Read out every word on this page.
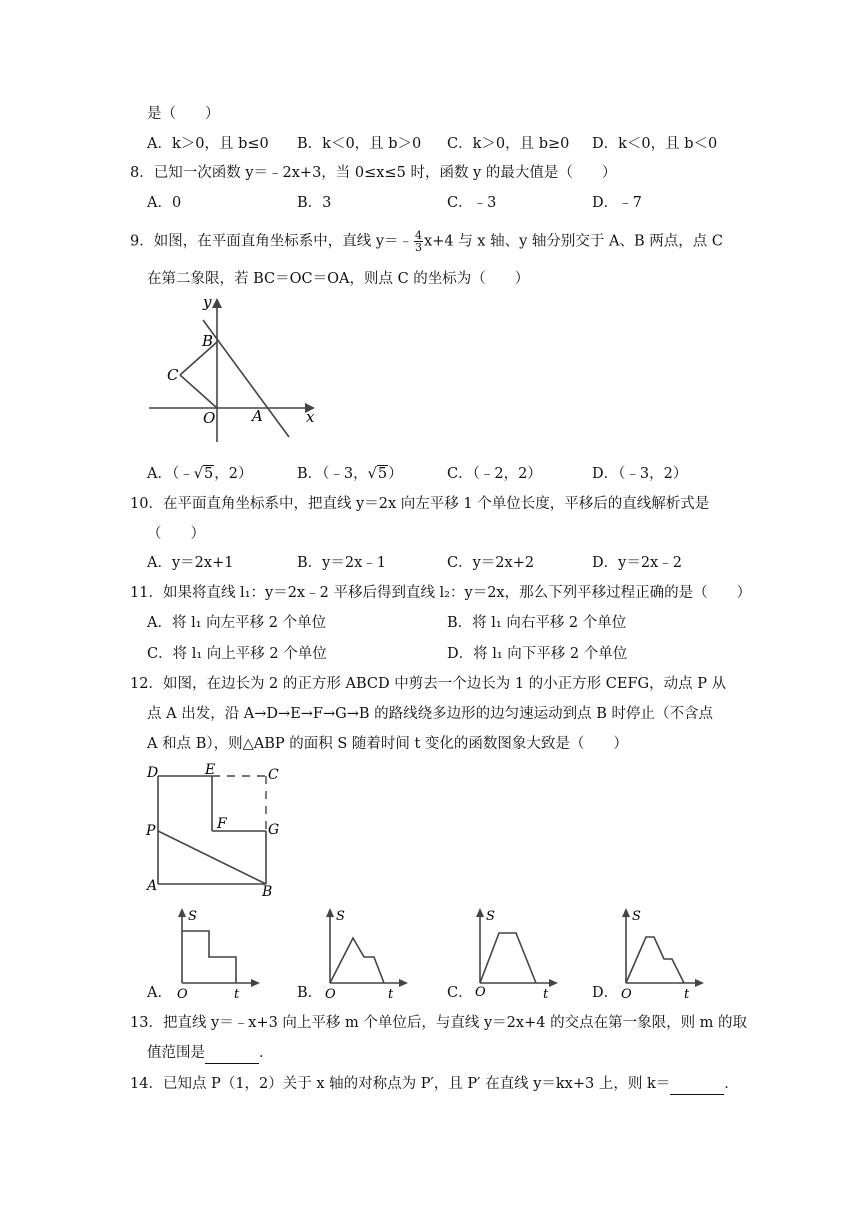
是（　　）
A．k＞0，且 b≤0 B．k＜0，且 b＞0 C．k＞0，且 b≥0 D．k＜0，且 b＜0
8．已知一次函数 y＝﹣2x+3，当 0≤x≤5 时，函数 y 的最大值是（　　）
A．0	B．3	C．﹣3	D．﹣7
9．如图，在平面直角坐标系中，直线 y＝﹣ $\frac{4}{3} x+4$ 与 x 轴、y 轴分别交于 A、B 两点，点 C
在第二象限，若 BC＝OC＝OA，则点 C 的坐标为（　　）
y
x
B
C
O A
A．（﹣√5，2）	B．（﹣3，√5）	C．（﹣2，2）	D．（﹣3，2）
10．在平面直角坐标系中，把直线 y＝2x 向左平移 1 个单位长度，平移后的直线解析式是
（　　）
A．y＝2x+1	B．y＝2x﹣1	C．y＝2x+2	D．y＝2x﹣2
11．如果将直线 l₁：y＝2x﹣2 平移后得到直线 l₂：y＝2x，那么下列平移过程正确的是（　　）
A．将 l₁ 向左平移 2 个单位	B．将 l₁ 向右平移 2 个单位
C．将 l₁ 向上平移 2 个单位	D．将 l₁ 向下平移 2 个单位
12．如图，在边长为 2 的正方形 ABCD 中剪去一个边长为 1 的小正方形 CEFG，动点 P 从
点 A 出发，沿 A→D→E→F→G→B 的路线绕多边形的边匀速运动到点 B 时停止（不含点
A 和点 B），则△ABP 的面积 S 随着时间 t 变化的函数图象大致是（　　）
D	E	C
P	F	G
A	B
A．
S
O	t	B．
S
O	t	C．
S
O	t	D．
S
O	t
13．把直线 y＝﹣x+3 向上平移 m 个单位后，与直线 y＝2x+4 的交点在第一象限，则 m 的取
值范围是	．
14．已知点 P（1，2）关于 x 轴的对称点为 P′，且 P′ 在直线 y＝kx+3 上，则 k＝	．
